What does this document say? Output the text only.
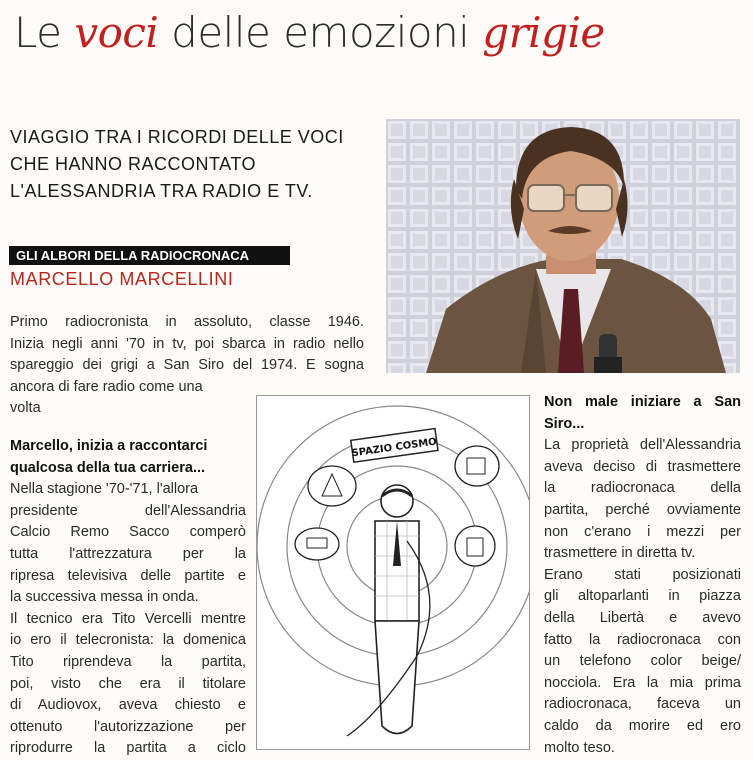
Le voci delle emozioni grigie
VIAGGIO TRA I RICORDI DELLE VOCI
CHE HANNO RACCONTATO
L'ALESSANDRIA TRA RADIO E TV.
GLI ALBORI DELLA RADIOCRONACA
MARCELLO MARCELLINI
Primo radiocronista in assoluto, classe 1946.
Inizia negli anni '70 in tv, poi sbarca in radio nello
spareggio dei grigi a San Siro del 1974. E sogna
ancora di fare radio come una
volta
Marcello, inizia a raccontarci
qualcosa della tua carriera...
Nella stagione '70-'71, l'allora
presidente dell'Alessandria
Calcio Remo Sacco comperò
tutta l'attrezzatura per la
ripresa televisiva delle partite e
la successiva messa in onda.
Il tecnico era Tito Vercelli mentre
io ero il telecronista: la domenica
Tito riprendeva la partita,
poi, visto che era il titolare
di Audiovox, aveva chiesto e
ottenuto l'autorizzazione per
riprodurre la partita a ciclo
SPAZIO COSMO
Non male iniziare a San
Siro...
La proprietà dell'Alessandria
aveva deciso di trasmettere
la radiocronaca della
partita, perché ovviamente
non c'erano i mezzi per
trasmettere in diretta tv.
Erano stati posizionati
gli altoparlanti in piazza
della Libertà e avevo
fatto la radiocronaca con
un telefono color beige/
nocciola. Era la mia prima
radiocronaca, faceva un
caldo da morire ed ero
molto teso.
